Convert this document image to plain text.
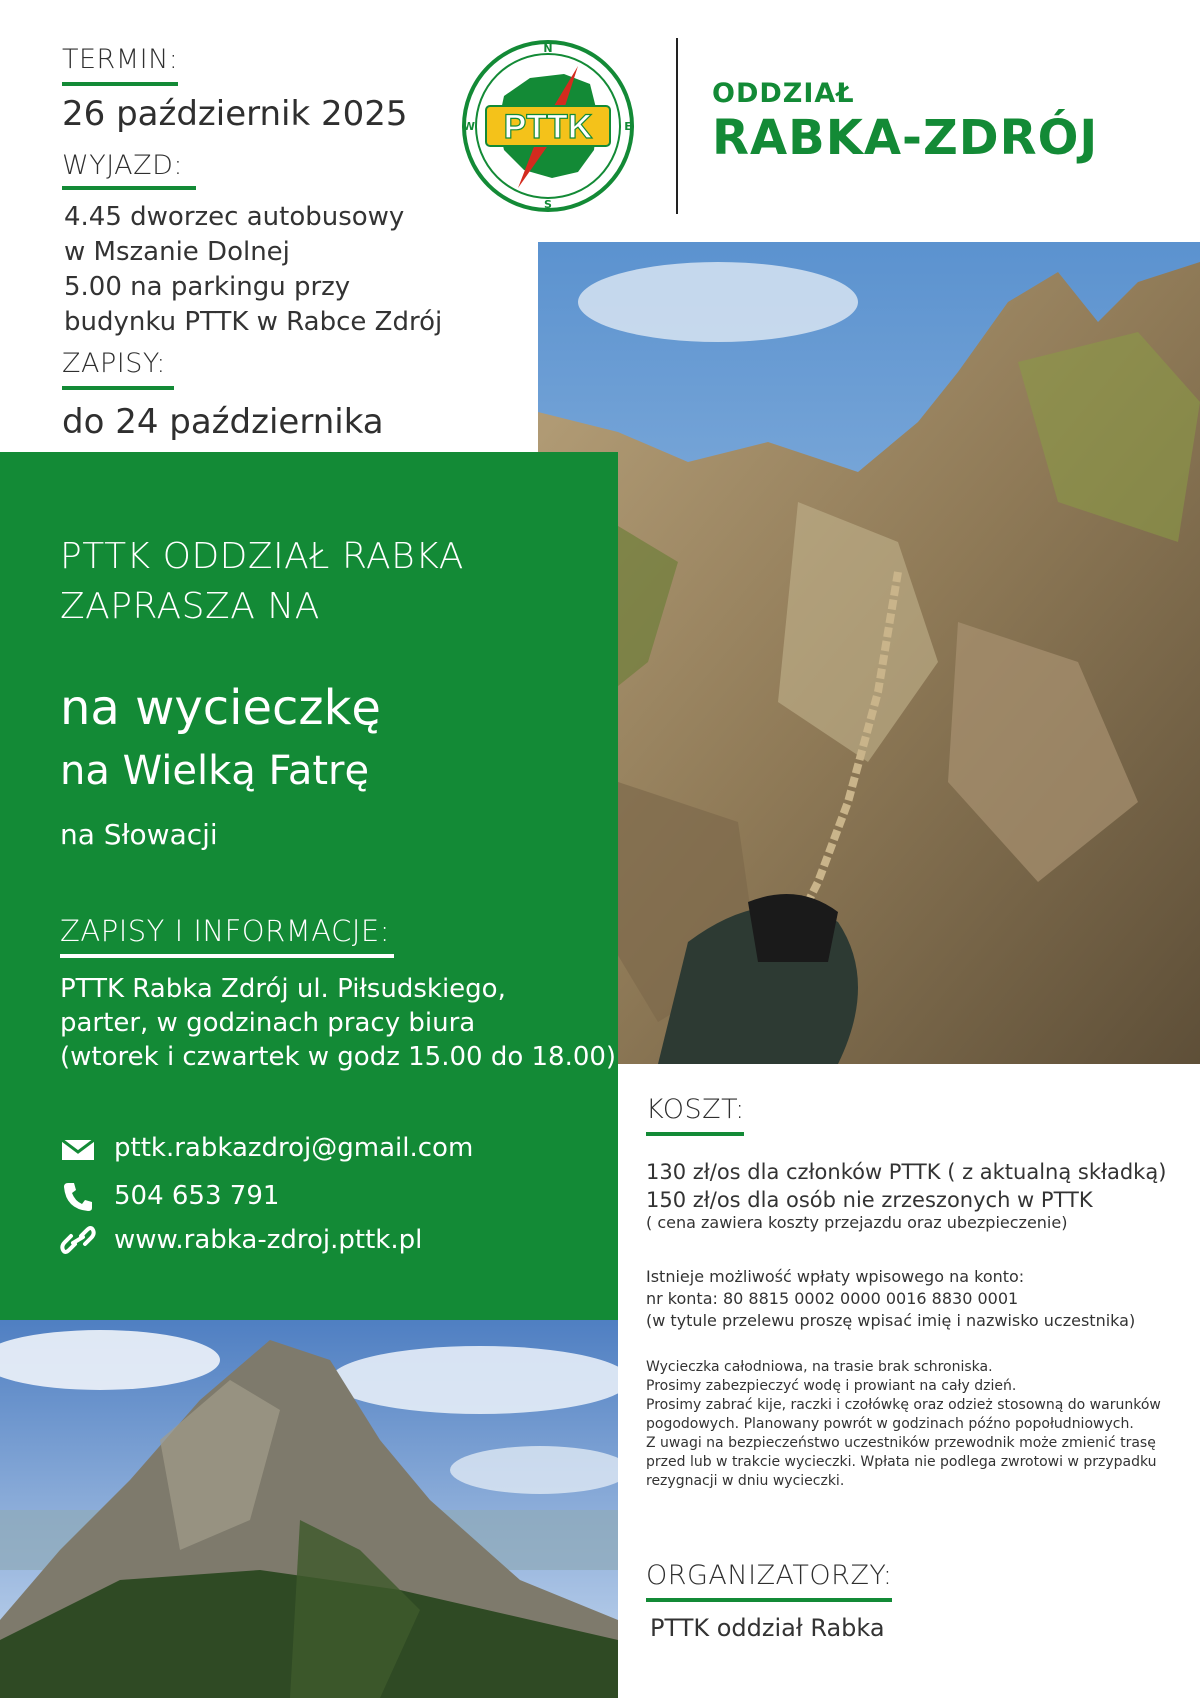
TERMIN:
26 październik 2025
WYJAZD:
4.45 dworzec autobusowy
w Mszanie Dolnej
5.00 na parkingu przy
budynku PTTK w Rabce Zdrój
ZAPISY:
do 24 października
PTTK
N
S
E
W
ODDZIAŁ
RABKA-ZDRÓJ
PTTK ODDZIAŁ RABKA
ZAPRASZA NA
na wycieczkę
na Wielką Fatrę
na Słowacji
ZAPISY I INFORMACJE:
PTTK Rabka Zdrój ul. Piłsudskiego,
parter, w godzinach pracy biura
(wtorek i czwartek w godz 15.00 do 18.00)
pttk.rabkazdroj@gmail.com
504 653 791
www.rabka-zdroj.pttk.pl
KOSZT:
130 zł/os dla członków PTTK ( z aktualną składką)
150 zł/os dla osób nie zrzeszonych w PTTK
( cena zawiera koszty przejazdu oraz ubezpieczenie)
Istnieje możliwość wpłaty wpisowego na konto:
nr konta: 80 8815 0002 0000 0016 8830 0001
(w tytule przelewu proszę wpisać imię i nazwisko uczestnika)
Wycieczka całodniowa, na trasie brak schroniska.
Prosimy zabezpieczyć wodę i prowiant na cały dzień.
Prosimy zabrać kije, raczki i czołówkę oraz odzież stosowną do warunków
pogodowych. Planowany powrót w godzinach późno popołudniowych.
Z uwagi na bezpieczeństwo uczestników przewodnik może zmienić trasę
przed lub w trakcie wycieczki. Wpłata nie podlega zwrotowi w przypadku
rezygnacji w dniu wycieczki.
ORGANIZATORZY:
PTTK oddział Rabka
